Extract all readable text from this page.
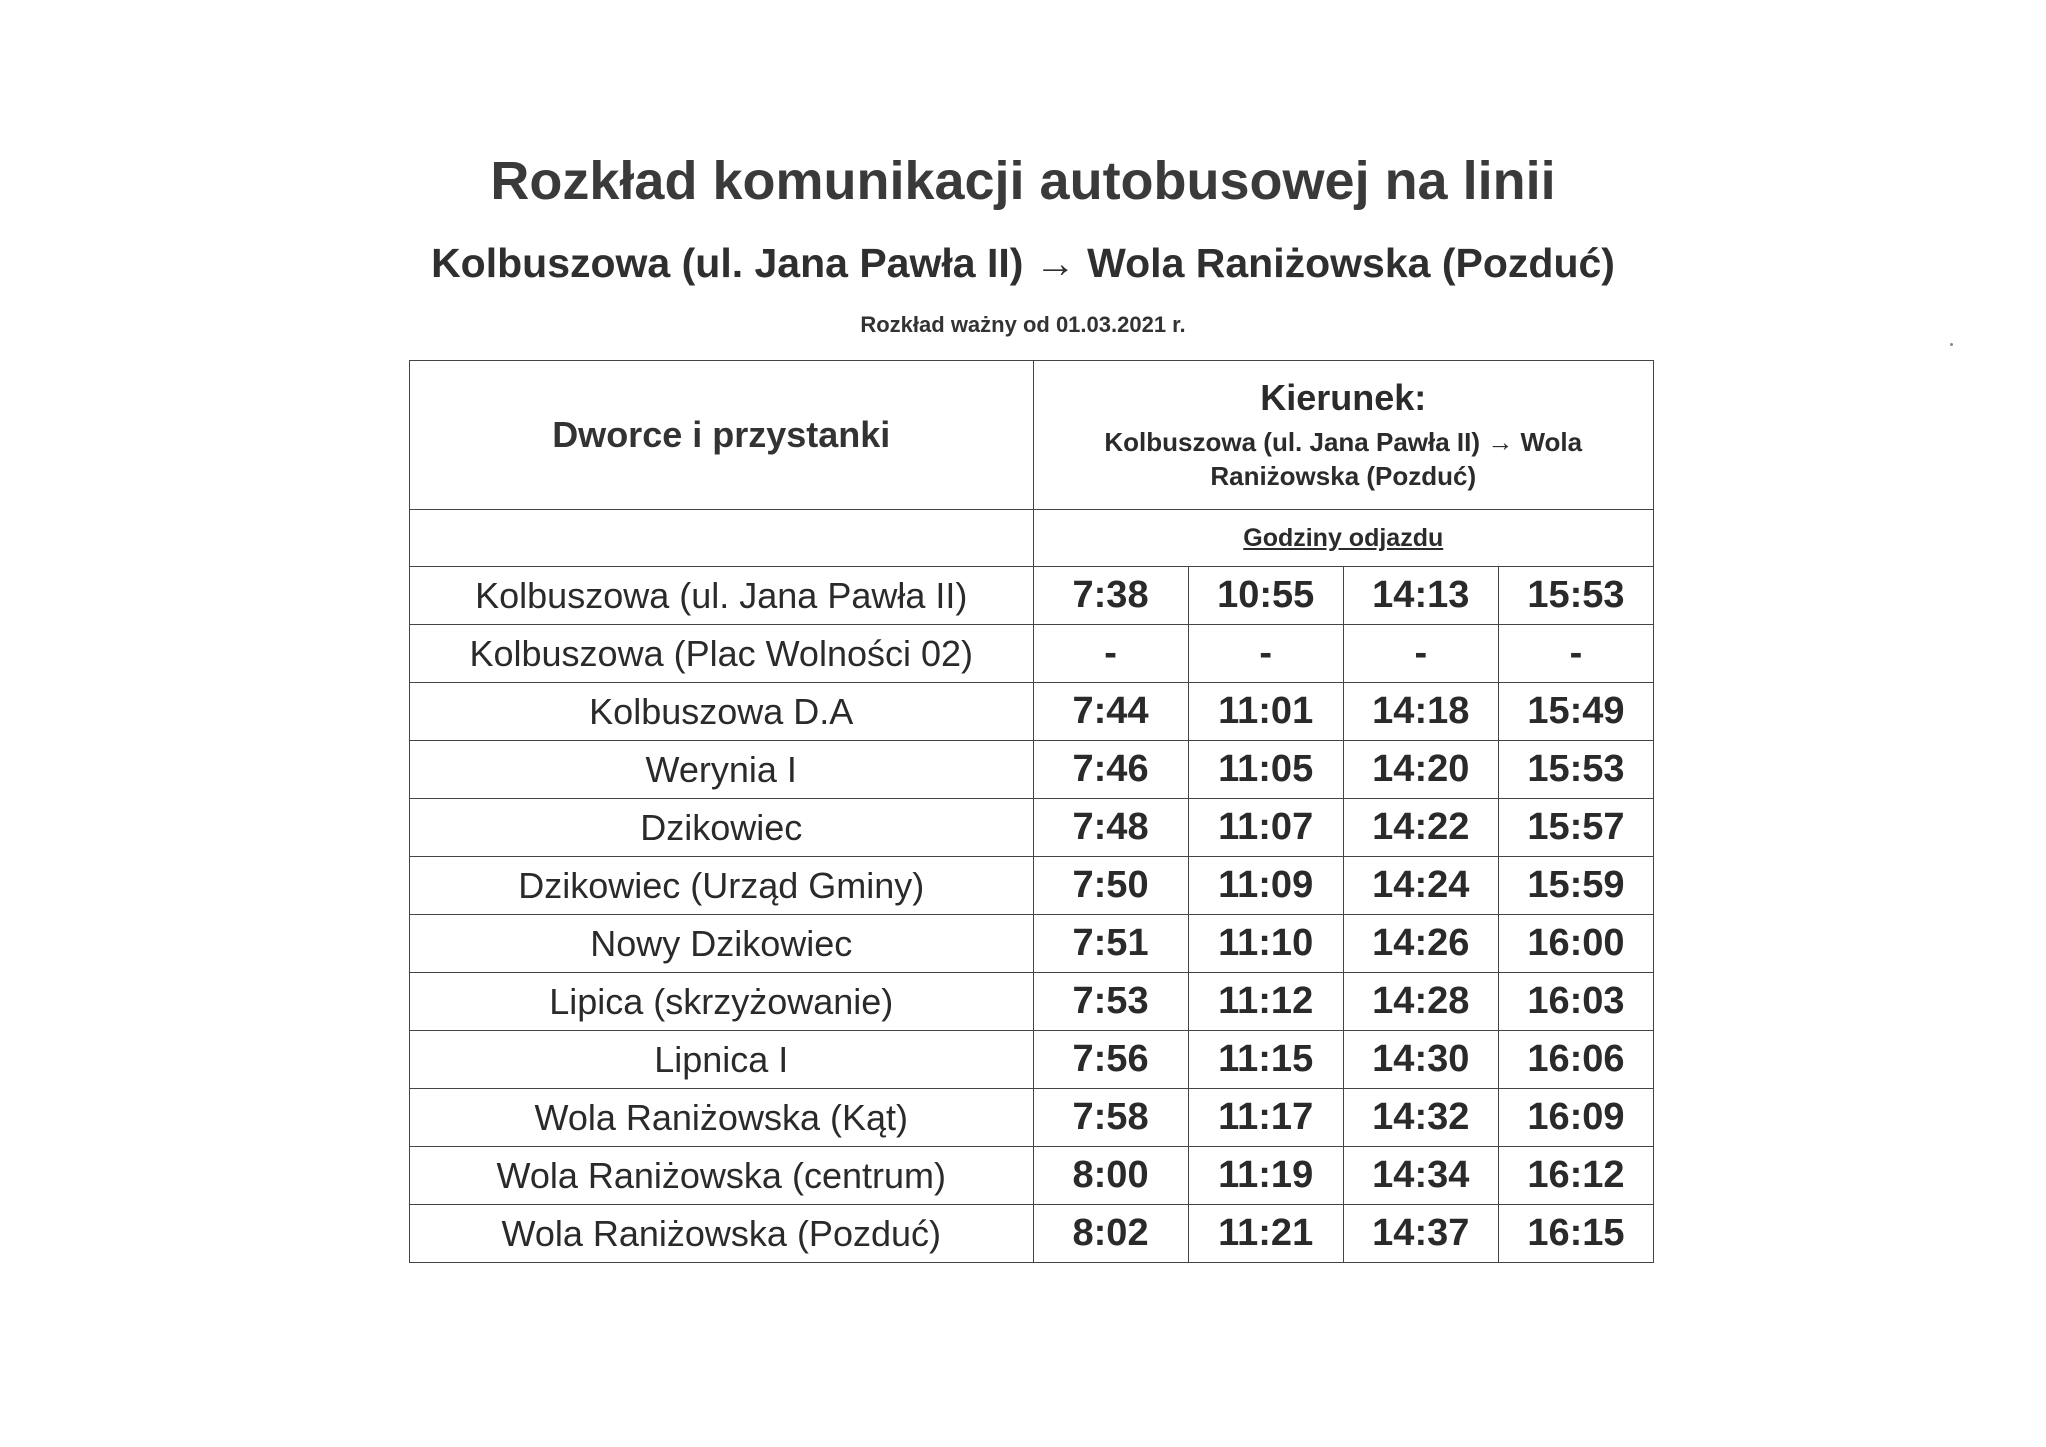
Rozkład komunikacji autobusowej na linii
Kolbuszowa (ul. Jana Pawła II) → Wola Raniżowska (Pozduć)

Rozkład ważny od 01.03.2021 r.

Dworce i przystanki	Kierunek:
Kolbuszowa (ul. Jana Pawła II) → Wola Raniżowska (Pozduć)			

	Godziny odjazdu			
Kolbuszowa (ul. Jana Pawła II)	7:38	10:55	14:13	15:53
Kolbuszowa (Plac Wolności 02)	-	-	-	-
Kolbuszowa D.A	7:44	11:01	14:18	15:49
Werynia I	7:46	11:05	14:20	15:53
Dzikowiec	7:48	11:07	14:22	15:57
Dzikowiec (Urząd Gminy)	7:50	11:09	14:24	15:59
Nowy Dzikowiec	7:51	11:10	14:26	16:00
Lipica (skrzyżowanie)	7:53	11:12	14:28	16:03
Lipnica I	7:56	11:15	14:30	16:06
Wola Raniżowska (Kąt)	7:58	11:17	14:32	16:09
Wola Raniżowska (centrum)	8:00	11:19	14:34	16:12
Wola Raniżowska (Pozduć)	8:02	11:21	14:37	16:15
